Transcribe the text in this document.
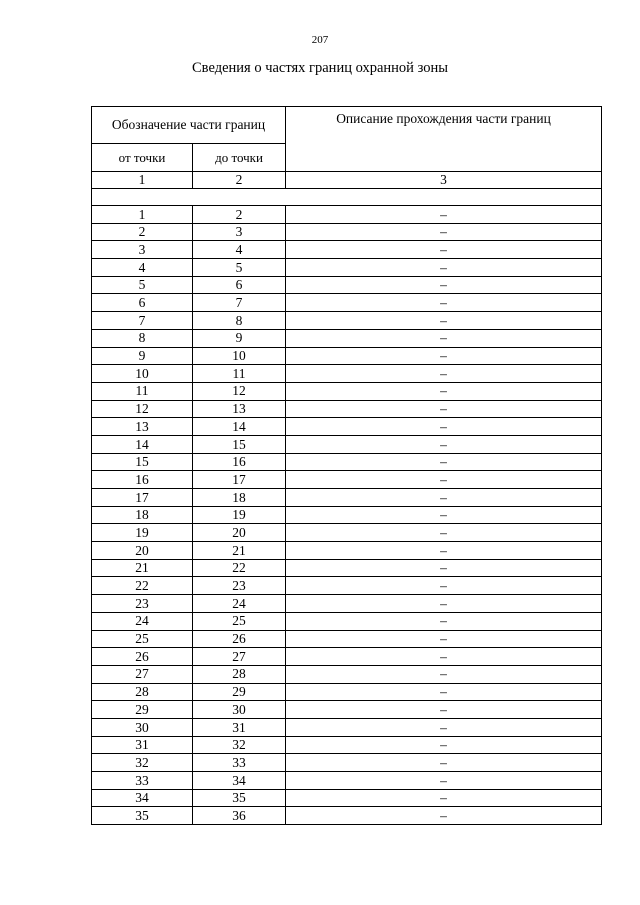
207
Сведения о частях границ охранной зоны
Обозначение части границ		Описание прохождения части границ
от точки	до точки	
1	2	3

1	2	–
2	3	–
3	4	–
4	5	–
5	6	–
6	7	–
7	8	–
8	9	–
9	10	–
10	11	–
11	12	–
12	13	–
13	14	–
14	15	–
15	16	–
16	17	–
17	18	–
18	19	–
19	20	–
20	21	–
21	22	–
22	23	–
23	24	–
24	25	–
25	26	–
26	27	–
27	28	–
28	29	–
29	30	–
30	31	–
31	32	–
32	33	–
33	34	–
34	35	–
35	36	–
